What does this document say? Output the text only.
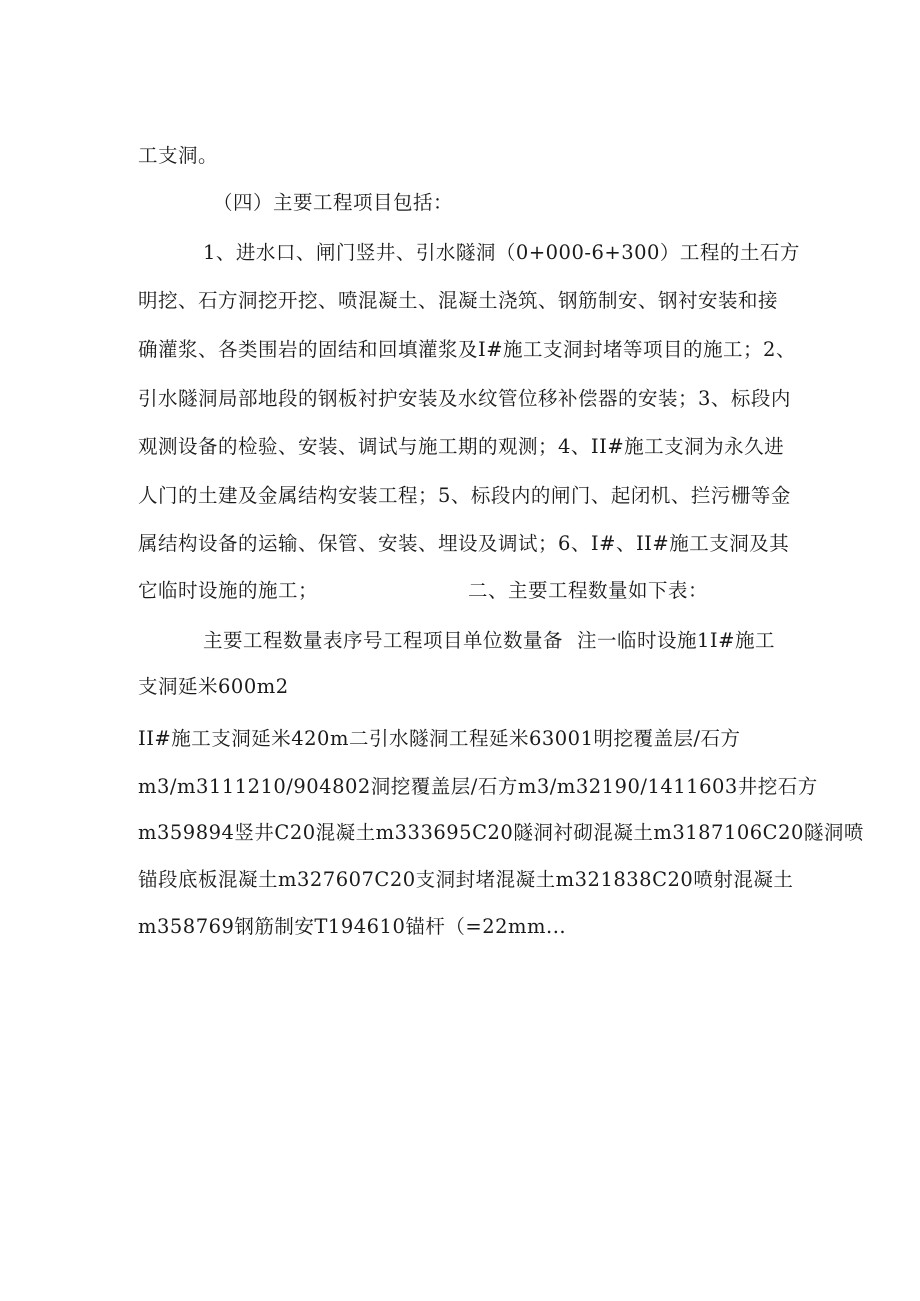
工支洞。
（四）主要工程项目包括：
1、进水口、闸门竖井、引水隧洞（0+000-6+300）工程的土石方
明挖、石方洞挖开挖、喷混凝土、混凝土浇筑、钢筋制安、钢衬安装和接
确灌浆、各类围岩的固结和回填灌浆及I#施工支洞封堵等项目的施工；2、
引水隧洞局部地段的钢板衬护安装及水纹管位移补偿器的安装；3、标段内
观测设备的检验、安装、调试与施工期的观测；4、II#施工支洞为永久进
人门的土建及金属结构安装工程；5、标段内的闸门、起闭机、拦污栅等金
属结构设备的运输、保管、安装、埋设及调试；6、I#、II#施工支洞及其
它临时设施的施工；	二、主要工程数量如下表：
主要工程数量表序号工程项目单位数量备 注一临时设施1I#施工
支洞延米600m2
II#施工支洞延米420m二引水隧洞工程延米63001明挖覆盖层/石方
m3/m3111210/904802洞挖覆盖层/石方m3/m32190/1411603井挖石方
m359894竖井C20混凝土m333695C20隧洞衬砌混凝土m3187106C20隧洞喷
锚段底板混凝土m327607C20支洞封堵混凝土m321838C20喷射混凝土
m358769钢筋制安T194610锚杆（=22mm...
